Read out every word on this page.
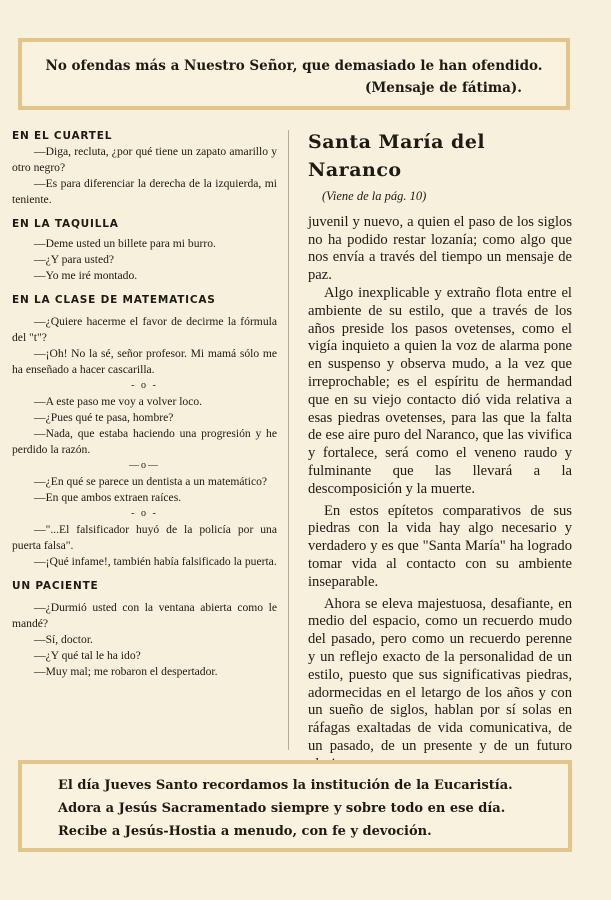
No ofendas más a Nuestro Señor, que demasiado le han ofendido.
(Mensaje de fátima).
EN EL CUARTEL

—Diga, recluta, ¿por qué tiene un zapato amarillo y otro negro?

—Es para diferenciar la derecha de la izquierda, mi teniente.

EN LA TAQUILLA

—Deme usted un billete para mi burro.

—¿Y para usted?

—Yo me iré montado.

EN LA CLASE DE MATEMATICAS

—¿Quiere hacerme el favor de decirme la fórmula del "t"?

—¡Oh! No la sé, señor profesor. Mi mamá sólo me ha enseñado a hacer cascarilla.

- o -

—A este paso me voy a volver loco.

—¿Pues qué te pasa, hombre?

—Nada, que estaba haciendo una progresión y he perdido la razón.

—o—

—¿En qué se parece un dentista a un matemático?

—En que ambos extraen raíces.

- o -

—"...El falsificador huyó de la policía por una puerta falsa".

—¡Qué infame!, también había falsificado la puerta.

UN PACIENTE

—¿Durmió usted con la ventana abierta como le mandé?

—Sí, doctor.

—¿Y qué tal le ha ido?

—Muy mal; me robaron el despertador.

Santa María del Naranco
(Viene de la pág. 10)

juvenil y nuevo, a quien el paso de los siglos no ha podido restar lozanía; como algo que nos envía a través del tiempo un mensaje de paz.

Algo inexplicable y extraño flota entre el ambiente de su estilo, que a través de los años preside los pasos ovetenses, como el vigía inquieto a quien la voz de alarma pone en suspenso y observa mudo, a la vez que irreprochable; es el espíritu de hermandad que en su viejo contacto dió vida relativa a esas piedras ovetenses, para las que la falta de ese aire puro del Naranco, que las vivifica y fortalece, será como el veneno raudo y fulminante que las llevará a la descomposición y la muerte.

En estos epítetos comparativos de sus piedras con la vida hay algo necesario y verdadero y es que "Santa María" ha logrado tomar vida al contacto con su ambiente inseparable.

Ahora se eleva majestuosa, desafiante, en medio del espacio, como un recuerdo mudo del pasado, pero como un recuerdo perenne y un reflejo exacto de la personalidad de un estilo, puesto que sus significativas piedras, adormecidas en el letargo de los años y con un sueño de siglos, hablan por sí solas en ráfagas exaltadas de vida comunicativa, de un pasado, de un presente y de un futuro

El día Jueves Santo recordamos la institución de la Eucaristía.
Adora a Jesús Sacramentado siempre y sobre todo en ese día.
Recibe a Jesús-Hostia a menudo, con fe y devoción.
